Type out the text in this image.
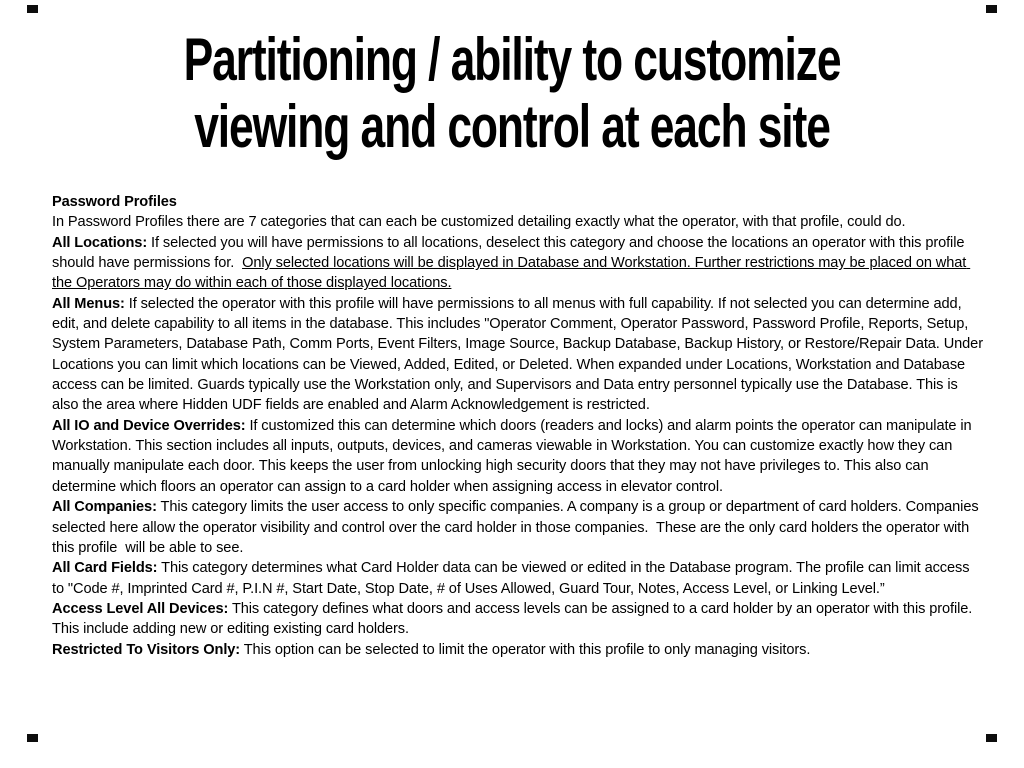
Partitioning / ability to customize
viewing and control at each site
Password Profiles
In Password Profiles there are 7 categories that can each be customized detailing exactly what the operator, with that profile, could do.
All Locations: If selected you will have permissions to all locations, deselect this category and choose the locations an operator with this profile should have permissions for.  Only selected locations will be displayed in Database and Workstation. Further restrictions may be placed on what the Operators may do within each of those displayed locations.
All Menus: If selected the operator with this profile will have permissions to all menus with full capability. If not selected you can determine add, edit, and delete capability to all items in the database. This includes "Operator Comment, Operator Password, Password Profile, Reports, Setup, System Parameters, Database Path, Comm Ports, Event Filters, Image Source, Backup Database, Backup History, or Restore/Repair Data. Under Locations you can limit which locations can be Viewed, Added, Edited, or Deleted. When expanded under Locations, Workstation and Database access can be limited. Guards typically use the Workstation only, and Supervisors and Data entry personnel typically use the Database. This is also the area where Hidden UDF fields are enabled and Alarm Acknowledgement is restricted.
All IO and Device Overrides: If customized this can determine which doors (readers and locks) and alarm points the operator can manipulate in Workstation. This section includes all inputs, outputs, devices, and cameras viewable in Workstation. You can customize exactly how they can manually manipulate each door. This keeps the user from unlocking high security doors that they may not have privileges to. This also can determine which floors an operator can assign to a card holder when assigning access in elevator control.
All Companies: This category limits the user access to only specific companies. A company is a group or department of card holders. Companies selected here allow the operator visibility and control over the card holder in those companies.  These are the only card holders the operator with this profile  will be able to see.
All Card Fields: This category determines what Card Holder data can be viewed or edited in the Database program. The profile can limit access to "Code #, Imprinted Card #, P.I.N #, Start Date, Stop Date, # of Uses Allowed, Guard Tour, Notes, Access Level, or Linking Level.”
Access Level All Devices: This category defines what doors and access levels can be assigned to a card holder by an operator with this profile. This include adding new or editing existing card holders.
Restricted To Visitors Only: This option can be selected to limit the operator with this profile to only managing visitors.
